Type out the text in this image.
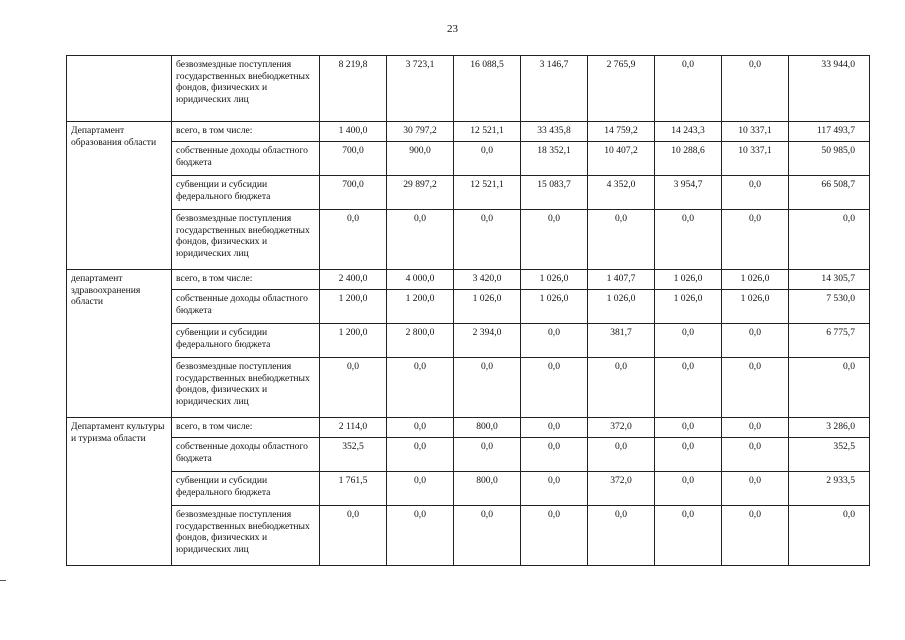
23
	безвозмездные поступления государственных внебюджетных фондов, физических и юридических лиц	8 219,8	3 723,1	16 088,5	3 146,7	2 765,9	0,0	0,0	33 944,0
Департамент образования области	всего, в том числе:	1 400,0	30 797,2	12 521,1	33 435,8	14 759,2	14 243,3	10 337,1	117 493,7
	собственные доходы областного бюджета	700,0	900,0	0,0	18 352,1	10 407,2	10 288,6	10 337,1	50 985,0
	субвенции и субсидии федерального бюджета	700,0	29 897,2	12 521,1	15 083,7	4 352,0	3 954,7	0,0	66 508,7
	безвозмездные поступления государственных внебюджетных фондов, физических и юридических лиц	0,0	0,0	0,0	0,0	0,0	0,0	0,0	0,0
департамент здравоохранения области	всего, в том числе:	2 400,0	4 000,0	3 420,0	1 026,0	1 407,7	1 026,0	1 026,0	14 305,7
	собственные доходы областного бюджета	1 200,0	1 200,0	1 026,0	1 026,0	1 026,0	1 026,0	1 026,0	7 530,0
	субвенции и субсидии федерального бюджета	1 200,0	2 800,0	2 394,0	0,0	381,7	0,0	0,0	6 775,7
	безвозмездные поступления государственных внебюджетных фондов, физических и юридических лиц	0,0	0,0	0,0	0,0	0,0	0,0	0,0	0,0
Департамент культуры и туризма области	всего, в том числе:	2 114,0	0,0	800,0	0,0	372,0	0,0	0,0	3 286,0
	собственные доходы областного бюджета	352,5	0,0	0,0	0,0	0,0	0,0	0,0	352,5
	субвенции и субсидии федерального бюджета	1 761,5	0,0	800,0	0,0	372,0	0,0	0,0	2 933,5
	безвозмездные поступления государственных внебюджетных фондов, физических и юридических лиц	0,0	0,0	0,0	0,0	0,0	0,0	0,0	0,0
